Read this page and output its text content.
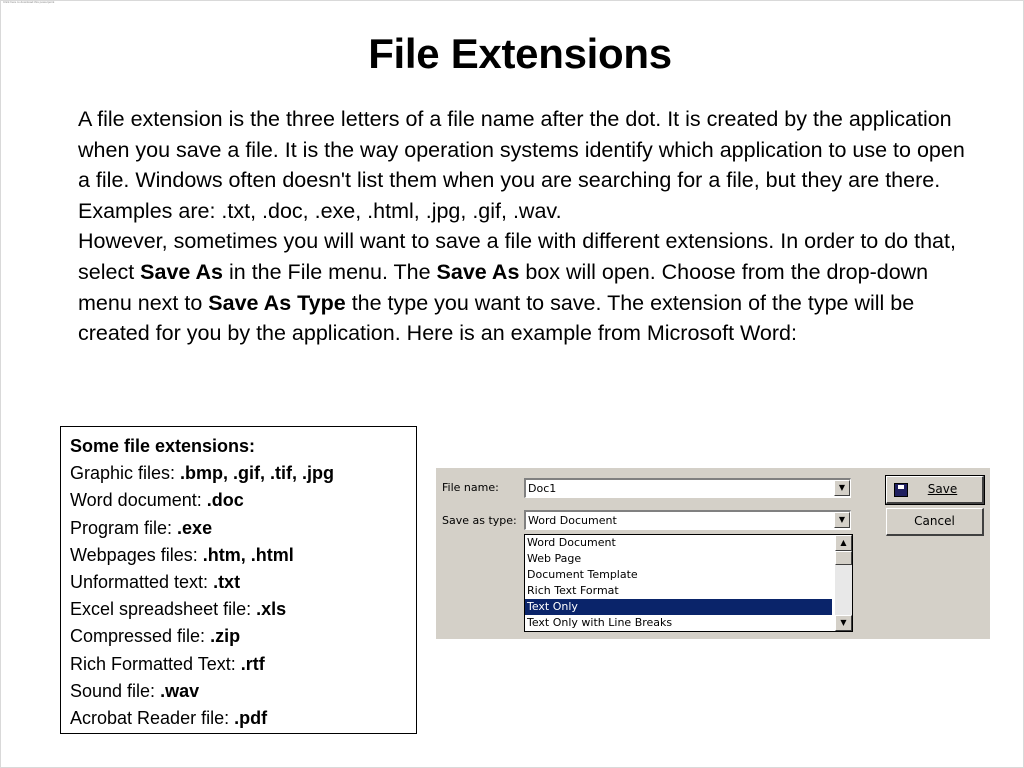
Click here to download this powerpoint
File Extensions

A file extension is the three letters of a file name after the dot. It is created by the application when you save a file. It is the way operation systems identify which application to use to open a file. Windows often doesn't list them when you are searching for a file, but they are there. Examples are: .txt, .doc, .exe, .html, .jpg, .gif, .wav.

However, sometimes you will want to save a file with different extensions. In order to do that, select Save As in the File menu. The Save As box will open. Choose from the drop-down menu next to Save As Type the type you want to save. The extension of the type will be created for you by the application. Here is an example from Microsoft Word:

Some file extensions:
Graphic files: .bmp, .gif, .tif, .jpg
Word document: .doc
Program file: .exe
Webpages files: .htm, .html
Unformatted text: .txt
Excel spreadsheet file: .xls
Compressed file: .zip
Rich Formatted Text: .rtf
Sound file: .wav
Acrobat Reader file: .pdf
File name:	Doc1	▼
Save as type: Word Document	▼
Save
Cancel
Word Document
Web Page
Document Template
Rich Text Format
Text Only
Text Only with Line Breaks
▲
▼
